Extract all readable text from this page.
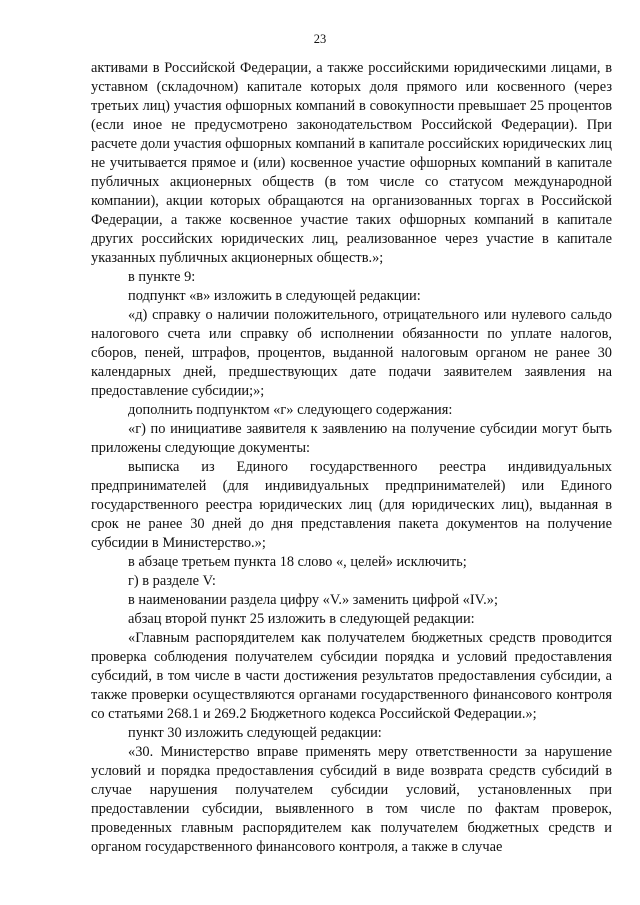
23

активами в Российской Федерации, а также российскими юридическими лицами, в уставном (складочном) капитале которых доля прямого или косвенного (через третьих лиц) участия офшорных компаний в совокупности превышает 25 процентов (если иное не предусмотрено законодательством Российской Федерации). При расчете доли участия офшорных компаний в капитале российских юридических лиц не учитывается прямое и (или) косвенное участие офшорных компаний в капитале публичных акционерных обществ (в том числе со статусом международной компании), акции которых обращаются на организованных торгах в Российской Федерации, а также косвенное участие таких офшорных компаний в капитале других российских юридических лиц, реализованное через участие в капитале указанных публичных акционерных обществ.»;

в пункте 9:

подпункт «в» изложить в следующей редакции:

«д) справку о наличии положительного, отрицательного или нулевого сальдо налогового счета или справку об исполнении обязанности по уплате налогов, сборов, пеней, штрафов, процентов, выданной налоговым органом не ранее 30 календарных дней, предшествующих дате подачи заявителем заявления на предоставление субсидии;»;

дополнить подпунктом «г» следующего содержания:

«г) по инициативе заявителя к заявлению на получение субсидии могут быть приложены следующие документы:

выписка из Единого государственного реестра индивидуальных предпринимателей (для индивидуальных предпринимателей) или Единого государственного реестра юридических лиц (для юридических лиц), выданная в срок не ранее 30 дней до дня представления пакета документов на получение субсидии в Министерство.»;

в абзаце третьем пункта 18 слово «, целей» исключить;

г) в разделе V:

в наименовании раздела цифру «V.» заменить цифрой «IV.»;

абзац второй пункт 25 изложить в следующей редакции:

«Главным распорядителем как получателем бюджетных средств проводится проверка соблюдения получателем субсидии порядка и условий предоставления субсидий, в том числе в части достижения результатов предоставления субсидии, а также проверки осуществляются органами государственного финансового контроля со статьями 268.1 и 269.2 Бюджетного кодекса Российской Федерации.»;

пункт 30 изложить следующей редакции:

«30. Министерство вправе применять меру ответственности за нарушение условий и порядка предоставления субсидий в виде возврата средств субсидий в случае нарушения получателем субсидии условий, установленных при предоставлении субсидии, выявленного в том числе по фактам проверок, проведенных главным распорядителем как получателем бюджетных средств и органом государственного финансового контроля, а также в случае
